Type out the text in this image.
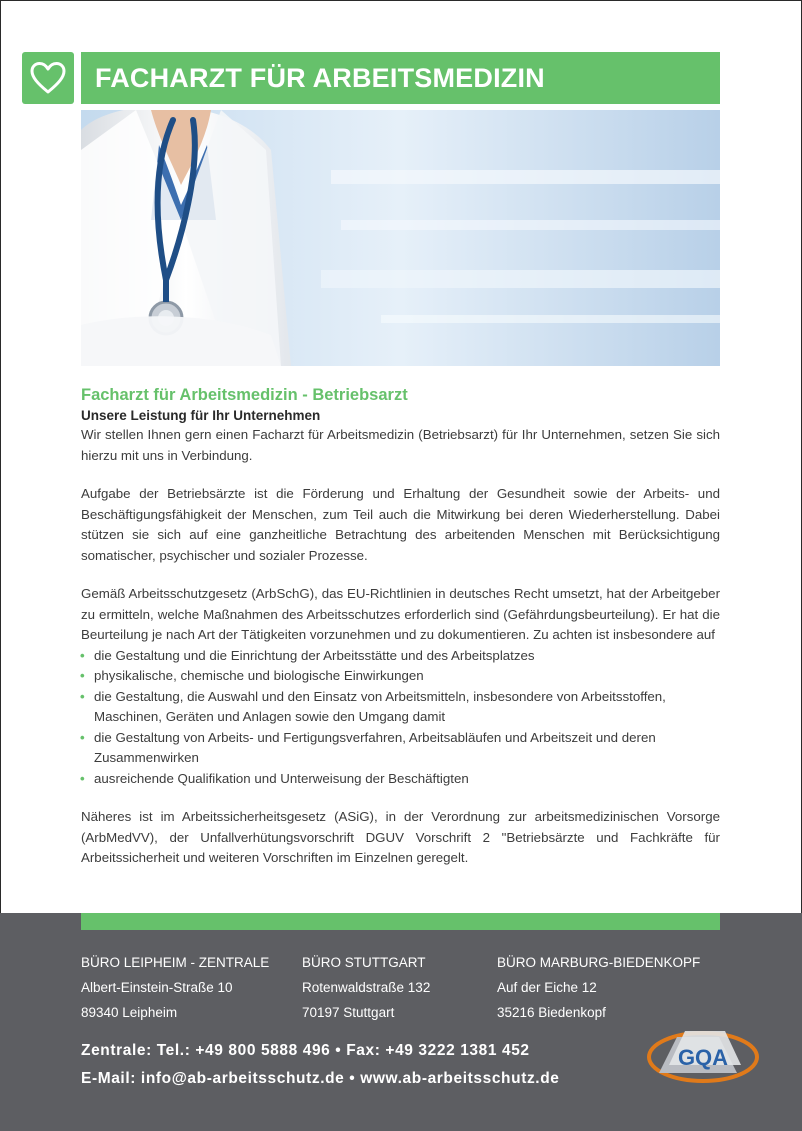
FACHARZT FÜR ARBEITSMEDIZIN
Facharzt für Arbeitsmedizin - Betriebsarzt
Unsere Leistung für Ihr Unternehmen

Wir stellen Ihnen gern einen Facharzt für Arbeitsmedizin (Betriebsarzt) für Ihr Unternehmen, setzen Sie sich hierzu mit uns in Verbindung.

Aufgabe der Betriebsärzte ist die Förderung und Erhaltung der Gesundheit sowie der Arbeits- und Beschäftigungsfähigkeit der Menschen, zum Teil auch die Mitwirkung bei deren Wiederherstellung. Dabei stützen sie sich auf eine ganzheitliche Betrachtung des arbeitenden Menschen mit Berücksichtigung somatischer, psychischer und sozialer Prozesse.

Gemäß Arbeitsschutzgesetz (ArbSchG), das EU-Richtlinien in deutsches Recht umsetzt, hat der Arbeitgeber zu ermitteln, welche Maßnahmen des Arbeitsschutzes erforderlich sind (Gefährdungsbeurteilung). Er hat die Beurteilung je nach Art der Tätigkeiten vorzunehmen und zu dokumentieren. Zu achten ist insbesondere auf

• die Gestaltung und die Einrichtung der Arbeitsstätte und des Arbeitsplatzes
• physikalische, chemische und biologische Einwirkungen
• die Gestaltung, die Auswahl und den Einsatz von Arbeitsmitteln, insbesondere von Arbeitsstoffen, Maschinen, Geräten und Anlagen sowie den Umgang damit
• die Gestaltung von Arbeits- und Fertigungsverfahren, Arbeitsabläufen und Arbeitszeit und deren Zusammenwirken
• ausreichende Qualifikation und Unterweisung der Beschäftigten

Näheres ist im Arbeitssicherheitsgesetz (ASiG), in der Verordnung zur arbeitsmedizinischen Vorsorge (ArbMedVV), der Unfallverhütungsvorschrift DGUV Vorschrift 2 "Betriebsärzte und Fachkräfte für Arbeitssicherheit und weiteren Vorschriften im Einzelnen geregelt.

BÜRO LEIPHEIM - ZENTRALE
Albert-Einstein-Straße 10
89340 Leipheim
BÜRO STUTTGART
Rotenwaldstraße 132
70197 Stuttgart
BÜRO MARBURG-BIEDENKOPF
Auf der Eiche 12
35216 Biedenkopf
Zentrale: Tel.: +49 800 5888 496 • Fax: +49 3222 1381 452
E-Mail: info@ab-arbeitsschutz.de • www.ab-arbeitsschutz.de
GQA
